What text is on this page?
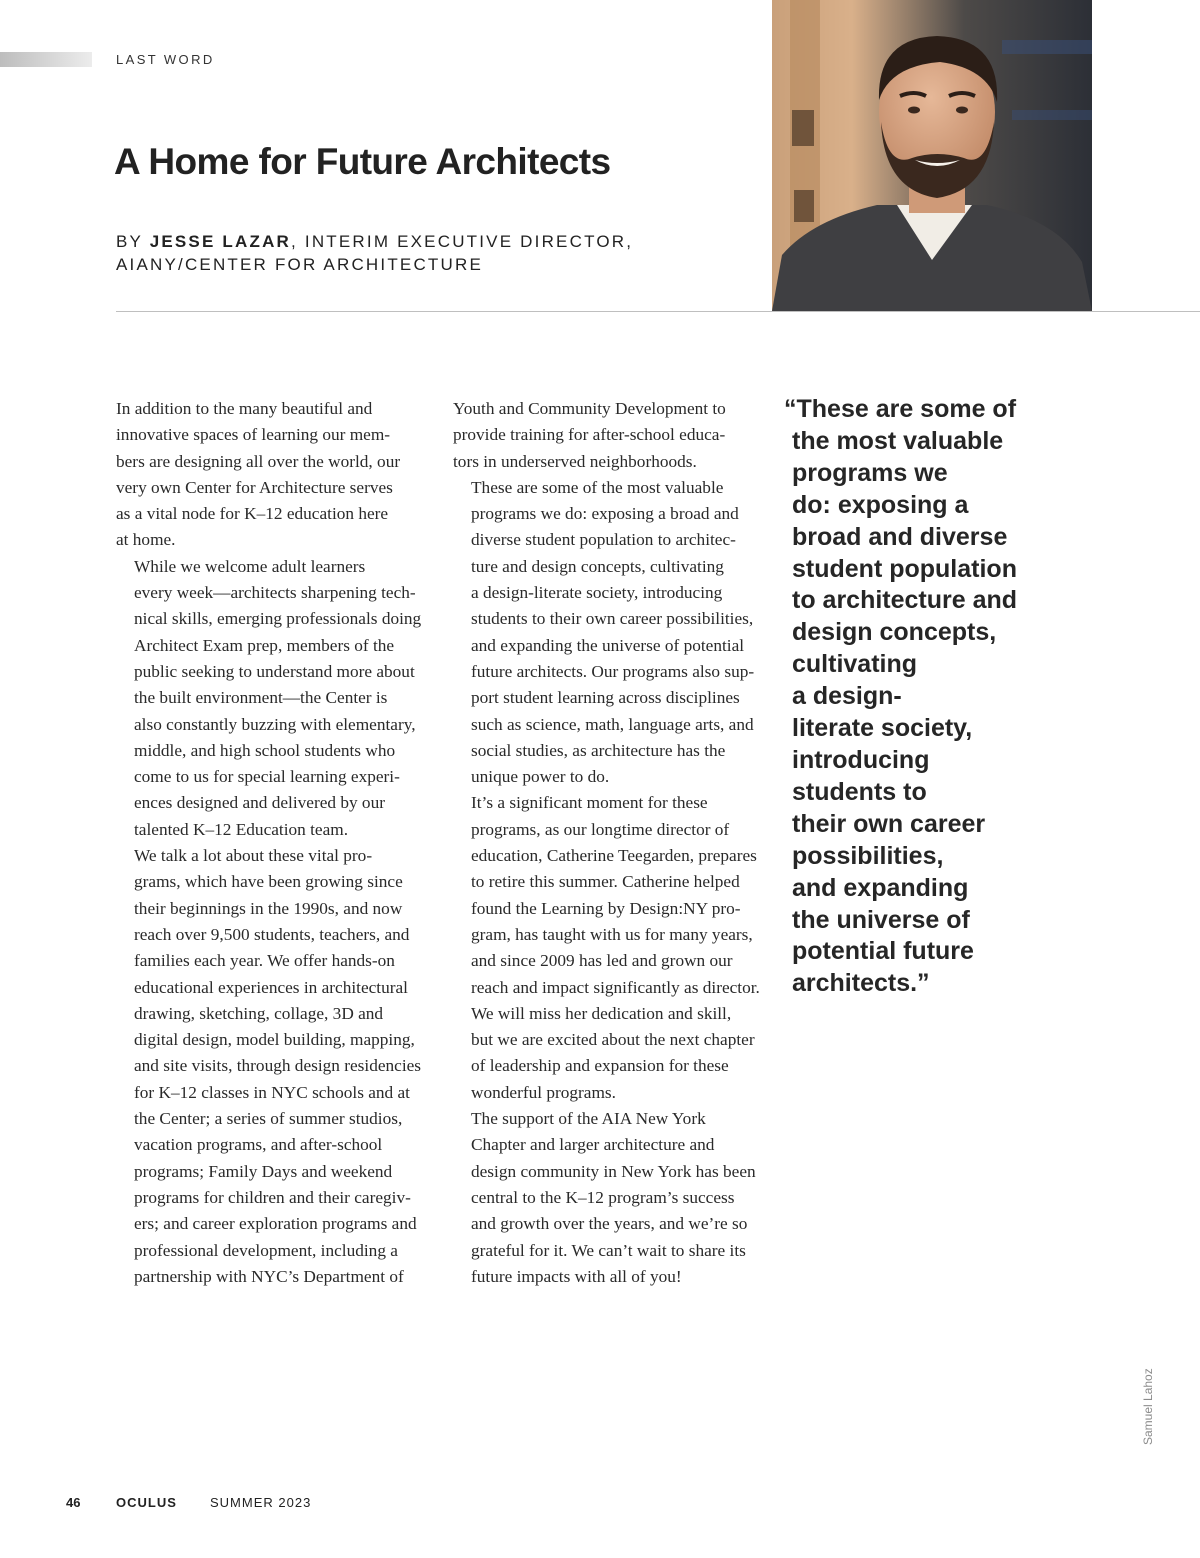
LAST WORD
A Home for Future Architects
BY JESSE LAZAR, INTERIM EXECUTIVE DIRECTOR,
AIANY/CENTER FOR ARCHITECTURE

In addition to the many beautiful and
innovative spaces of learning our mem-
bers are designing all over the world, our
very own Center for Architecture serves
as a vital node for K–12 education here
at home.

While we welcome adult learners
every week—architects sharpening tech-
nical skills, emerging professionals doing
Architect Exam prep, members of the
public seeking to understand more about
the built environment—the Center is
also constantly buzzing with elementary,
middle, and high school students who
come to us for special learning experi-
ences designed and delivered by our
talented K–12 Education team.

We talk a lot about these vital pro-
grams, which have been growing since
their beginnings in the 1990s, and now
reach over 9,500 students, teachers, and
families each year. We offer hands-on
educational experiences in architectural
drawing, sketching, collage, 3D and
digital design, model building, mapping,
and site visits, through design residencies
for K–12 classes in NYC schools and at
the Center; a series of summer studios,
vacation programs, and after-school
programs; Family Days and weekend
programs for children and their caregiv-
ers; and career exploration programs and
professional development, including a
partnership with NYC’s Department of

Youth and Community Development to
provide training for after-school educa-
tors in underserved neighborhoods.

These are some of the most valuable
programs we do: exposing a broad and
diverse student population to architec-
ture and design concepts, cultivating
a design-literate society, introducing
students to their own career possibilities,
and expanding the universe of potential
future architects. Our programs also sup-
port student learning across disciplines
such as science, math, language arts, and
social studies, as architecture has the
unique power to do.

It’s a significant moment for these
programs, as our longtime director of
education, Catherine Teegarden, prepares
to retire this summer. Catherine helped
found the Learning by Design:NY pro-
gram, has taught with us for many years,
and since 2009 has led and grown our
reach and impact significantly as director.
We will miss her dedication and skill,
but we are excited about the next chapter
of leadership and expansion for these
wonderful programs.

The support of the AIA New York
Chapter and larger architecture and
design community in New York has been
central to the K–12 program’s success
and growth over the years, and we’re so
grateful for it. We can’t wait to share its
future impacts with all of you!

“These are some of
the most valuable
programs we
do: exposing a
broad and diverse
student population
to architecture and
design concepts,
cultivating
a design-
literate society,
introducing
students to
their own career
possibilities,
and expanding
the universe of
potential future
architects.”
Samuel Lahoz
46	OCULUS	SUMMER 2023
